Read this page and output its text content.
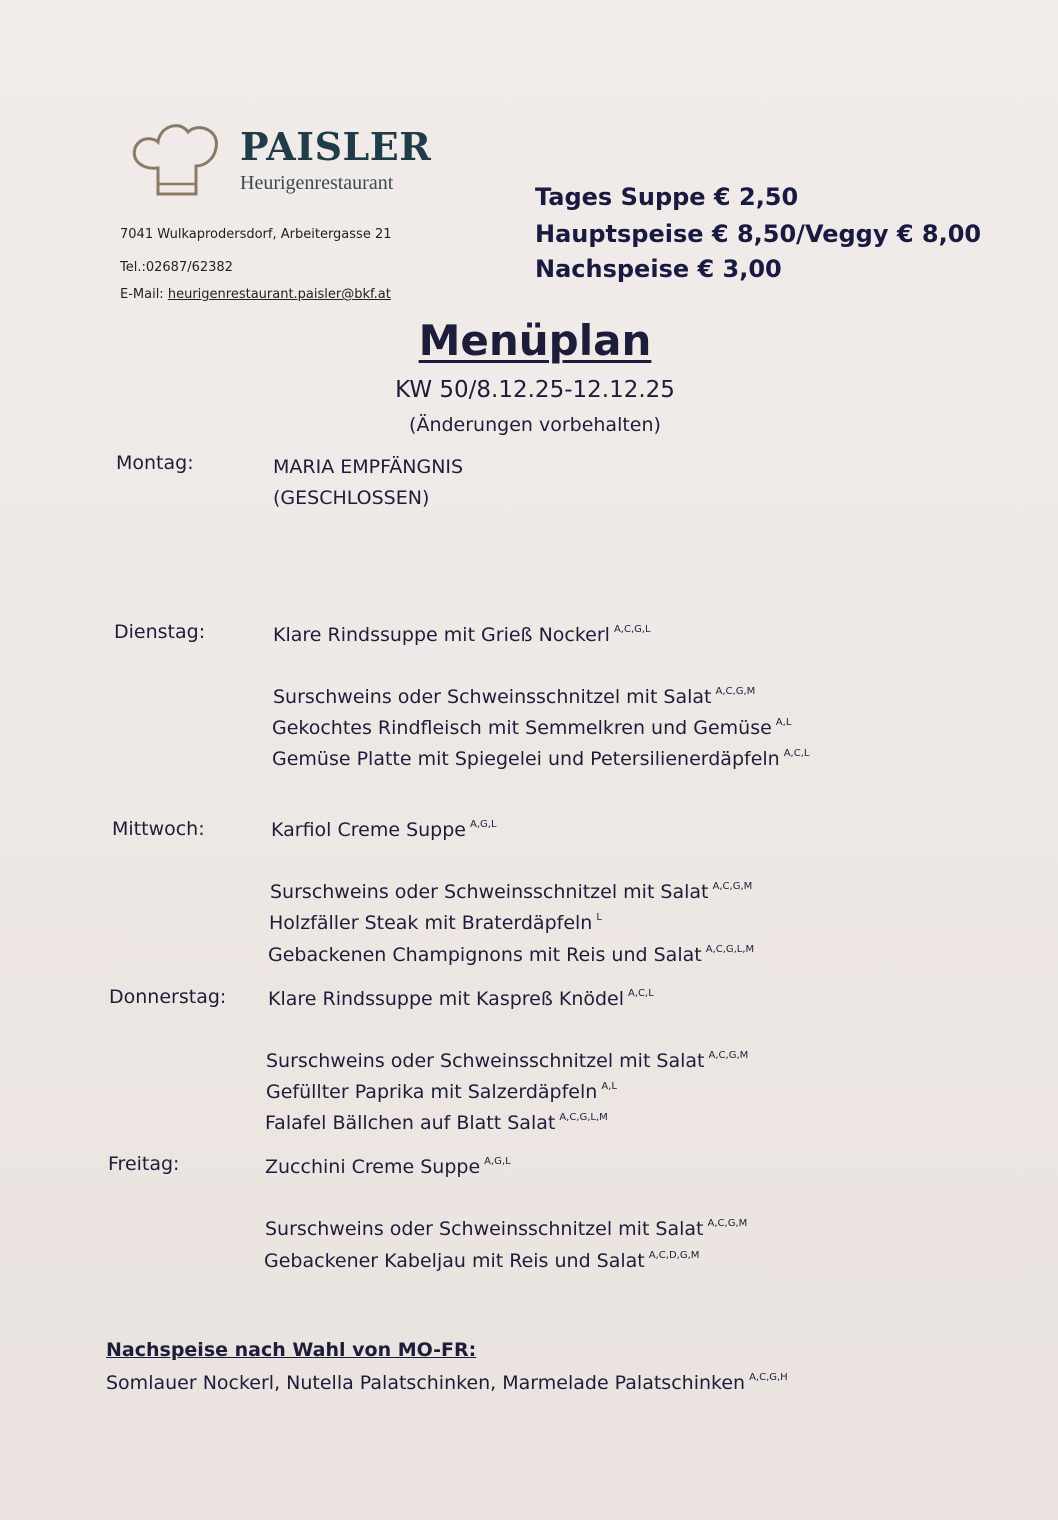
PAISLER
Heurigenrestaurant
7041 Wulkaprodersdorf, Arbeitergasse 21
Tel.:02687/62382
E-Mail: heurigenrestaurant.paisler@bkf.at
Tages Suppe € 2,50
Hauptspeise € 8,50/Veggy € 8,00
Nachspeise € 3,00
Menüplan
KW 50/8.12.25-12.12.25
(Änderungen vorbehalten)
Montag:	MARIA EMPFÄNGNIS
(GESCHLOSSEN)
Dienstag:	Klare Rindssuppe mit Grieß Nockerl $^{A,C,G,L}$
Surschweins oder Schweinsschnitzel mit Salat $^{A,C,G,M}$
Gekochtes Rindfleisch mit Semmelkren und Gemüse $^{A,L}$
Gemüse Platte mit Spiegelei und Petersilienerdäpfeln $^{A,C,L}$
Mittwoch:	Karfiol Creme Suppe $^{A,G,L}$
Surschweins oder Schweinsschnitzel mit Salat $^{A,C,G,M}$
Holzfäller Steak mit Braterdäpfeln $^L$
Gebackenen Champignons mit Reis und Salat $^{A,C,G,L,M}$
Donnerstag: Klare Rindssuppe mit Kaspreß Knödel $^{A,C,L}$
Surschweins oder Schweinsschnitzel mit Salat $^{A,C,G,M}$
Gefüllter Paprika mit Salzerdäpfeln $^{A,L}$
Falafel Bällchen auf Blatt Salat $^{A,C,G,L,M}$
Freitag:	Zucchini Creme Suppe $^{A,G,L}$
Surschweins oder Schweinsschnitzel mit Salat $^{A,C,G,M}$
Gebackener Kabeljau mit Reis und Salat $^{A,C,D,G,M}$
Nachspeise nach Wahl von MO-FR:
Somlauer Nockerl, Nutella Palatschinken, Marmelade Palatschinken $^{A,C,G,H}$
